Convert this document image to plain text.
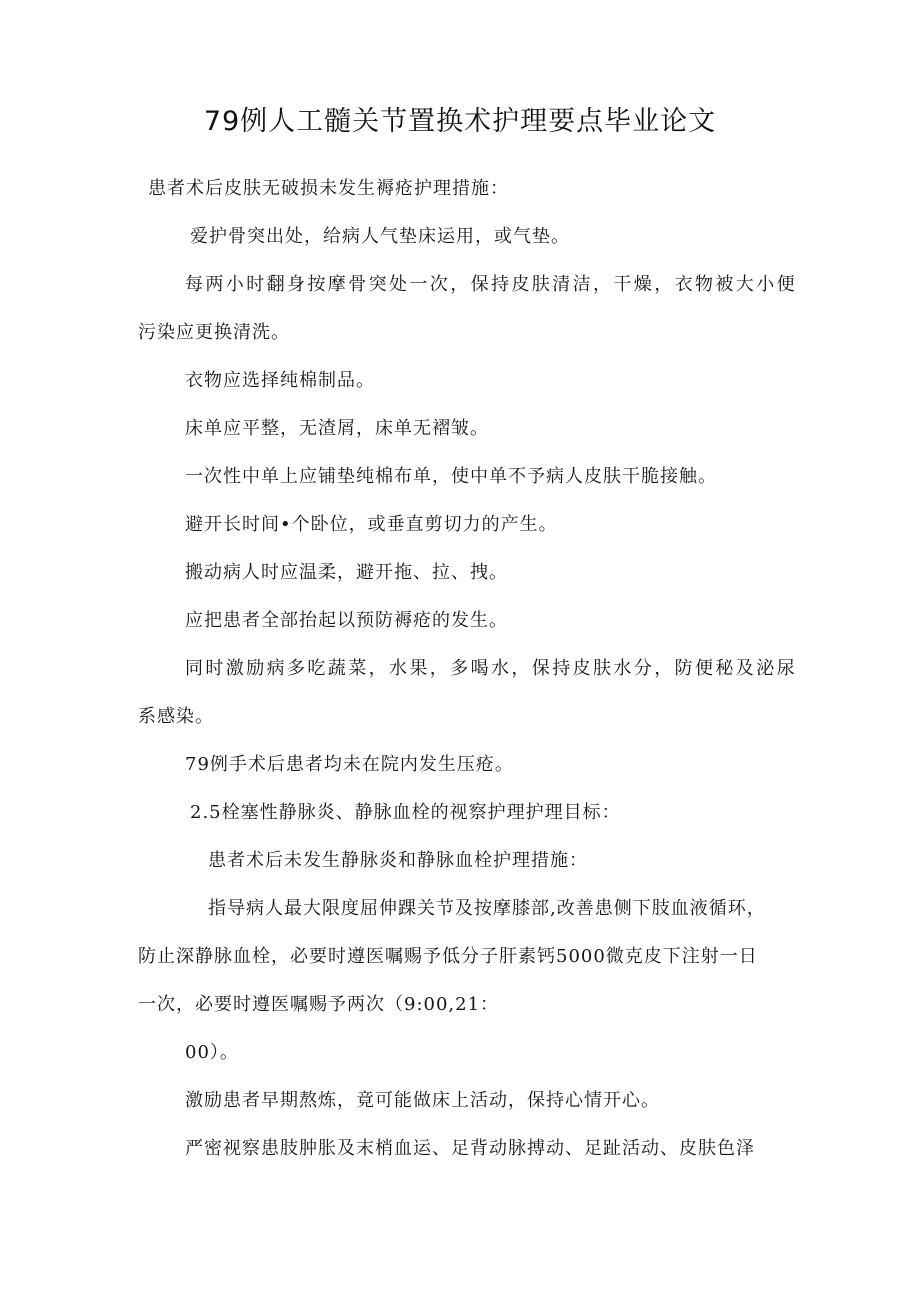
79例人工髓关节置换术护理要点毕业论文
患者术后皮肤无破损未发生褥疮护理措施：
爱护骨突出处，给病人气垫床运用，或气垫。
每两小时翻身按摩骨突处一次，保持皮肤清洁，干燥，衣物被大小便
污染应更换清洗。
衣物应选择纯棉制品。
床单应平整，无渣屑，床单无褶皱。
一次性中单上应铺垫纯棉布单，使中单不予病人皮肤干脆接触。
避开长时间•个卧位，或垂直剪切力的产生。
搬动病人时应温柔，避开拖、拉、拽。
应把患者全部抬起以预防褥疮的发生。
同时激励病多吃蔬菜，水果，多喝水，保持皮肤水分，防便秘及泌尿
系感染。
79例手术后患者均未在院内发生压疮。
2.5栓塞性静脉炎、静脉血栓的视察护理护理目标：
患者术后未发生静脉炎和静脉血栓护理措施：
指导病人最大限度屈伸踝关节及按摩膝部,改善患侧下肢血液循环，
防止深静脉血栓，必要时遵医嘱赐予低分子肝素钙5000微克皮下注射一日
一次，必要时遵医嘱赐予两次（9:00,21：
00）。
激励患者早期熬炼，竟可能做床上活动，保持心情开心。
严密视察患肢肿胀及末梢血运、足背动脉搏动、足趾活动、皮肤色泽
